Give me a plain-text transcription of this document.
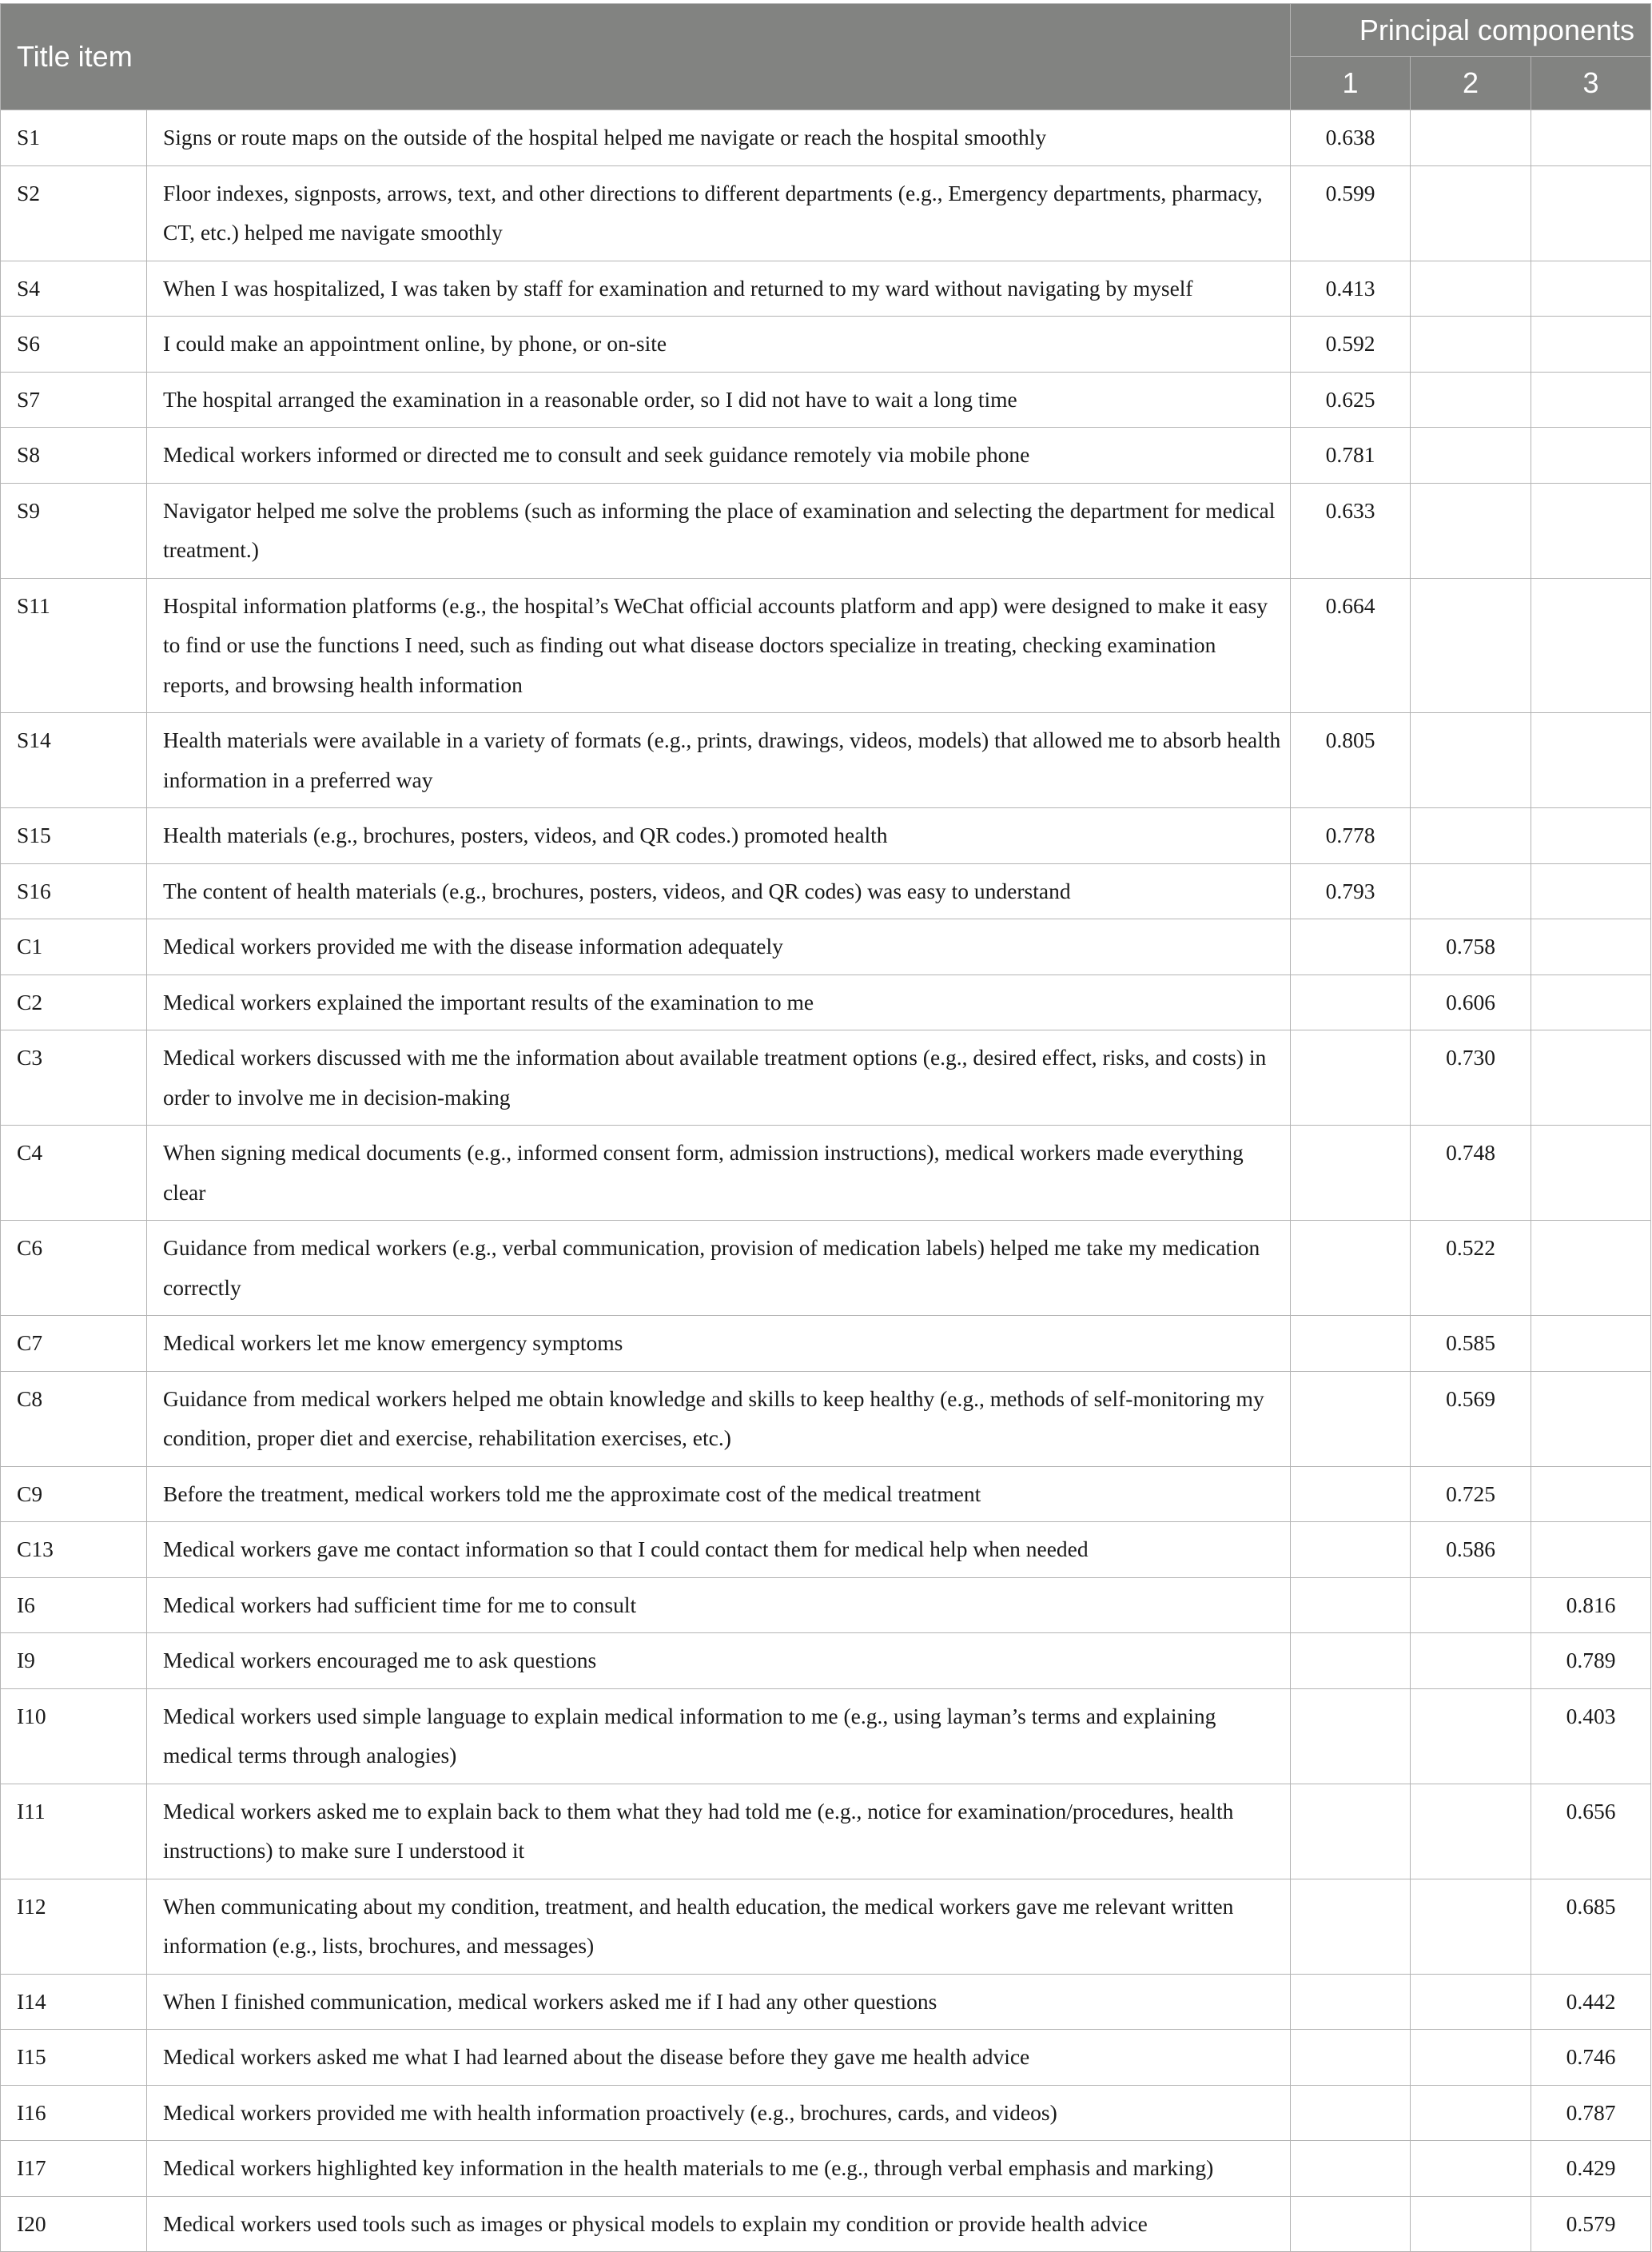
Title item		Principal components		
		1	2	3
S1	Signs or route maps on the outside of the hospital helped me navigate or reach the hospital smoothly	0.638		
S2	Floor indexes, signposts, arrows, text, and other directions to different departments (e.g., Emergency departments, pharmacy, CT, etc.) helped me navigate smoothly	0.599		
S4	When I was hospitalized, I was taken by staff for examination and returned to my ward without navigating by myself	0.413		
S6	I could make an appointment online, by phone, or on-site	0.592		
S7	The hospital arranged the examination in a reasonable order, so I did not have to wait a long time	0.625		
S8	Medical workers informed or directed me to consult and seek guidance remotely via mobile phone	0.781		
S9	Navigator helped me solve the problems (such as informing the place of examination and selecting the department for medical treatment.)	0.633		
S11	Hospital information platforms (e.g., the hospital’s WeChat official accounts platform and app) were designed to make it easy to find or use the functions I need, such as finding out what disease doctors specialize in treating, checking examination reports, and browsing health information	0.664		
S14	Health materials were available in a variety of formats (e.g., prints, drawings, videos, models) that allowed me to absorb health information in a preferred way	0.805		
S15	Health materials (e.g., brochures, posters, videos, and QR codes.) promoted health	0.778		
S16	The content of health materials (e.g., brochures, posters, videos, and QR codes) was easy to understand	0.793		
C1	Medical workers provided me with the disease information adequately		0.758	
C2	Medical workers explained the important results of the examination to me		0.606	
C3	Medical workers discussed with me the information about available treatment options (e.g., desired effect, risks, and costs) in order to involve me in decision-making		0.730	
C4	When signing medical documents (e.g., informed consent form, admission instructions), medical workers made everything clear		0.748	
C6	Guidance from medical workers (e.g., verbal communication, provision of medication labels) helped me take my medication correctly		0.522	
C7	Medical workers let me know emergency symptoms		0.585	
C8	Guidance from medical workers helped me obtain knowledge and skills to keep healthy (e.g., methods of self-monitoring my condition, proper diet and exercise, rehabilitation exercises, etc.)		0.569	
C9	Before the treatment, medical workers told me the approximate cost of the medical treatment		0.725	
C13	Medical workers gave me contact information so that I could contact them for medical help when needed		0.586	
I6	Medical workers had sufficient time for me to consult			0.816
I9	Medical workers encouraged me to ask questions			0.789
I10	Medical workers used simple language to explain medical information to me (e.g., using layman’s terms and explaining medical terms through analogies)			0.403
I11	Medical workers asked me to explain back to them what they had told me (e.g., notice for examination/procedures, health instructions) to make sure I understood it			0.656
I12	When communicating about my condition, treatment, and health education, the medical workers gave me relevant written information (e.g., lists, brochures, and messages)			0.685
I14	When I finished communication, medical workers asked me if I had any other questions			0.442
I15	Medical workers asked me what I had learned about the disease before they gave me health advice			0.746
I16	Medical workers provided me with health information proactively (e.g., brochures, cards, and videos)			0.787
I17	Medical workers highlighted key information in the health materials to me (e.g., through verbal emphasis and marking)			0.429
I20	Medical workers used tools such as images or physical models to explain my condition or provide health advice			0.579
